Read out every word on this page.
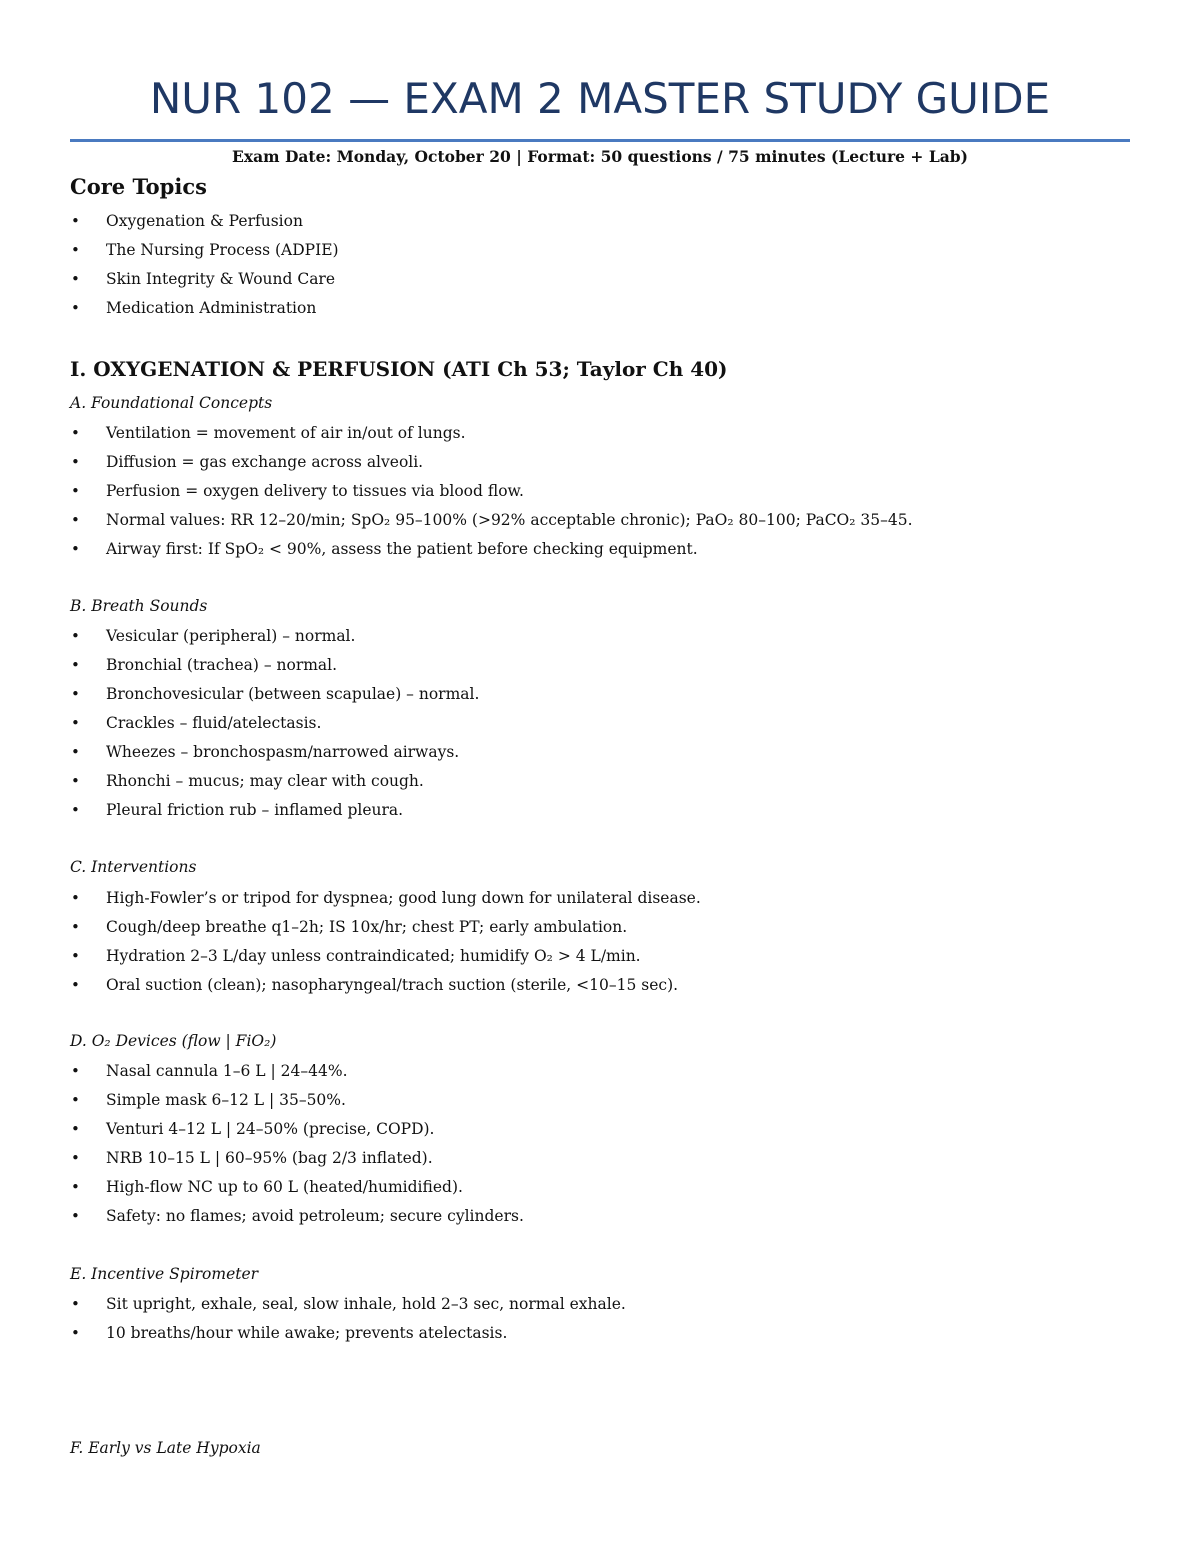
NUR 102 — EXAM 2 MASTER STUDY GUIDE
Exam Date: Monday, October 20 | Format: 50 questions / 75 minutes (Lecture + Lab)
Core Topics
• Oxygenation & Perfusion
• The Nursing Process (ADPIE)
• Skin Integrity & Wound Care
• Medication Administration
I. OXYGENATION & PERFUSION (ATI Ch 53; Taylor Ch 40)
A. Foundational Concepts
• Ventilation = movement of air in/out of lungs.
• Diffusion = gas exchange across alveoli.
• Perfusion = oxygen delivery to tissues via blood flow.
• Normal values: RR 12–20/min; SpO₂ 95–100% (>92% acceptable chronic); PaO₂ 80–100; PaCO₂ 35–45.
• Airway first: If SpO₂ < 90%, assess the patient before checking equipment.
B. Breath Sounds
• Vesicular (peripheral) – normal.
• Bronchial (trachea) – normal.
• Bronchovesicular (between scapulae) – normal.
• Crackles – fluid/atelectasis.
• Wheezes – bronchospasm/narrowed airways.
• Rhonchi – mucus; may clear with cough.
• Pleural friction rub – inflamed pleura.
C. Interventions
• High-Fowler’s or tripod for dyspnea; good lung down for unilateral disease.
• Cough/deep breathe q1–2h; IS 10x/hr; chest PT; early ambulation.
• Hydration 2–3 L/day unless contraindicated; humidify O₂ > 4 L/min.
• Oral suction (clean); nasopharyngeal/trach suction (sterile, <10–15 sec).
D. O₂ Devices (flow | FiO₂)
• Nasal cannula 1–6 L | 24–44%.
• Simple mask 6–12 L | 35–50%.
• Venturi 4–12 L | 24–50% (precise, COPD).
• NRB 10–15 L | 60–95% (bag 2/3 inflated).
• High-flow NC up to 60 L (heated/humidified).
• Safety: no flames; avoid petroleum; secure cylinders.
E. Incentive Spirometer
• Sit upright, exhale, seal, slow inhale, hold 2–3 sec, normal exhale.
• 10 breaths/hour while awake; prevents atelectasis.
F. Early vs Late Hypoxia
